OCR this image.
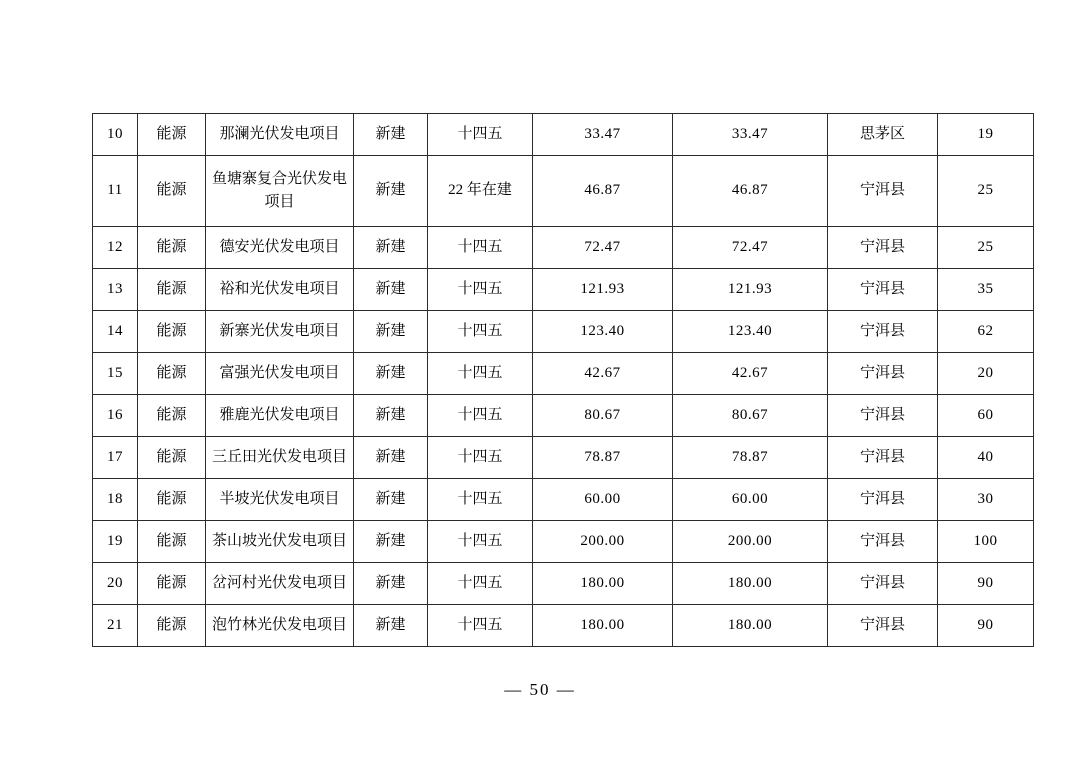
10	能源	那澜光伏发电项目	新建	十四五	33.47	33.47	思茅区	19
11	能源	鱼塘寨复合光伏发电项目	新建	22 年在建	46.87	46.87	宁洱县	25
12	能源	德安光伏发电项目	新建	十四五	72.47	72.47	宁洱县	25
13	能源	裕和光伏发电项目	新建	十四五	121.93	121.93	宁洱县	35
14	能源	新寨光伏发电项目	新建	十四五	123.40	123.40	宁洱县	62
15	能源	富强光伏发电项目	新建	十四五	42.67	42.67	宁洱县	20
16	能源	雅鹿光伏发电项目	新建	十四五	80.67	80.67	宁洱县	60
17	能源	三丘田光伏发电项目	新建	十四五	78.87	78.87	宁洱县	40
18	能源	半坡光伏发电项目	新建	十四五	60.00	60.00	宁洱县	30
19	能源	茶山坡光伏发电项目	新建	十四五	200.00	200.00	宁洱县	100
20	能源	岔河村光伏发电项目	新建	十四五	180.00	180.00	宁洱县	90
21	能源	泡竹林光伏发电项目	新建	十四五	180.00	180.00	宁洱县	90
— 50 —
